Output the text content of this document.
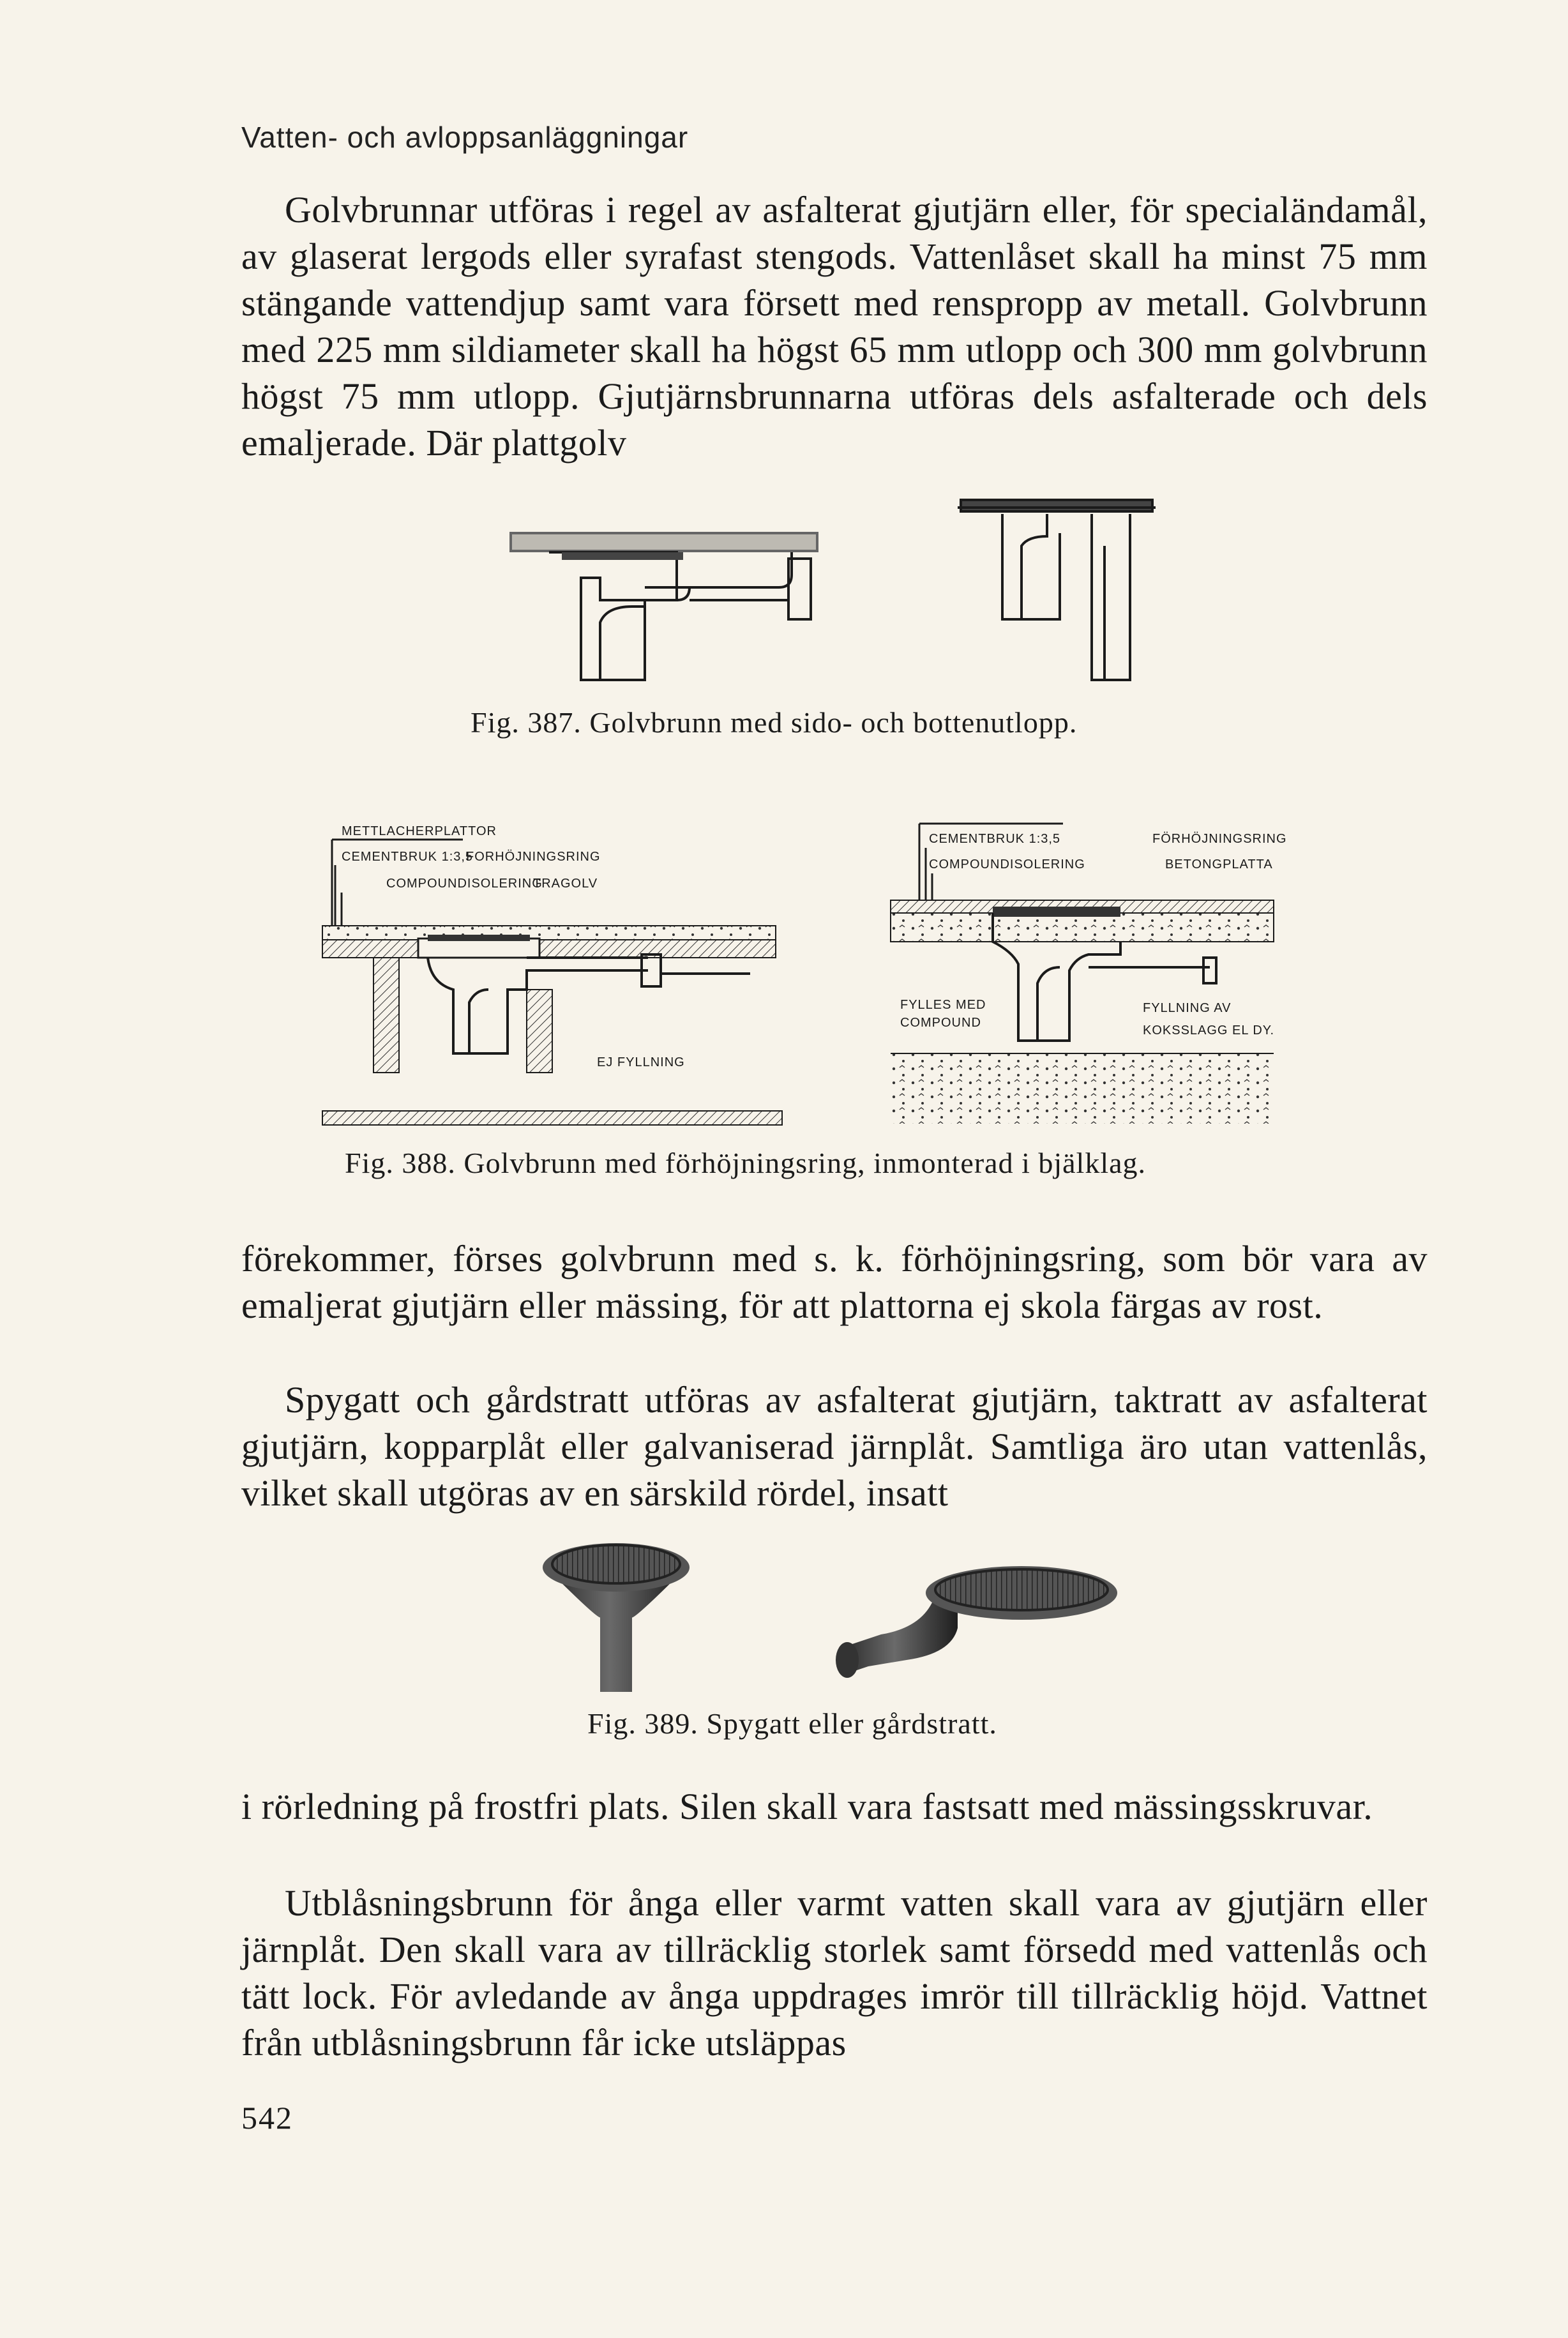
Vatten- och avloppsanläggningar

Golvbrunnar utföras i regel av asfalterat gjutjärn eller, för specialändamål, av glaserat lergods eller syrafast stengods. Vattenlåset skall ha minst 75 mm stängande vattendjup samt vara försett med renspropp av metall. Golvbrunn med 225 mm sildiameter skall ha högst 65 mm utlopp och 300 mm golvbrunn högst 75 mm utlopp. Gjutjärnsbrunnarna utföras dels asfalterade och dels emaljerade. Där plattgolv

Fig. 387. Golvbrunn med sido- och bottenutlopp.
METTLACHERPLATTOR
CEMENTBRUK 1:3,5
FORHÖJNINGSRING
COMPOUNDISOLERING
TRAGOLV
EJ FYLLNING
CEMENTBRUK 1:3,5	FÖRHÖJNINGSRING
COMPOUNDISOLERING	BETONGPLATTA
FYLLES MED
COMPOUND
FYLLNING AV
KOKSSLAGG EL DY.
Fig. 388. Golvbrunn med förhöjningsring, inmonterad i bjälklag.

förekommer, förses golvbrunn med s. k. förhöjningsring, som bör vara av emaljerat gjutjärn eller mässing, för att plattorna ej skola färgas av rost.

Spygatt och gårdstratt utföras av asfalterat gjutjärn, taktratt av asfalterat gjutjärn, kopparplåt eller galvaniserad järnplåt. Samtliga äro utan vattenlås, vilket skall utgöras av en särskild rördel, insatt

Fig. 389. Spygatt eller gårdstratt.

i rörledning på frostfri plats. Silen skall vara fastsatt med mässingsskruvar.

Utblåsningsbrunn för ånga eller varmt vatten skall vara av gjutjärn eller järnplåt. Den skall vara av tillräcklig storlek samt försedd med vattenlås och tätt lock. För avledande av ånga uppdrages imrör till tillräcklig höjd. Vattnet från utblåsningsbrunn får icke utsläppas

542
